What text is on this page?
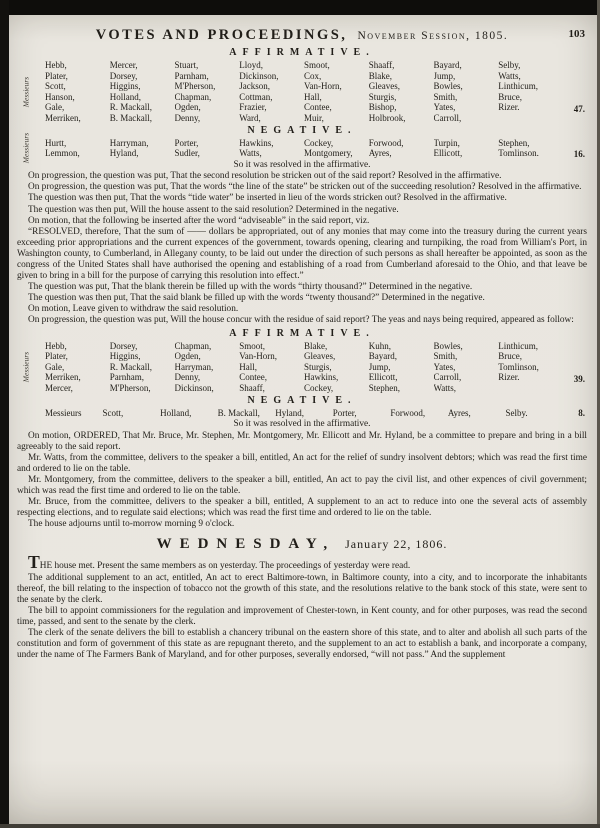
VOTES AND PROCEEDINGS, November Session, 1805.	103
AFFIRMATIVE.
Messieurs
Hebb,	Mercer,	Stuart,	Lloyd,	Smoot,	Shaaff,	Bayard,	Selby,
Plater,	Dorsey,	Parnham,	Dickinson,	Cox,	Blake,	Jump,	Watts,
Scott,	Higgins,	M'Pherson,	Jackson,	Van-Horn,	Gleaves,	Bowles,	Linthicum,
Hanson,	Holland,	Chapman,	Cottman,	Hall,	Sturgis,	Smith,	Bruce,
Gale,	R. Mackall,	Ogden,	Frazier,	Contee,	Bishop,	Yates,	Rizer.
Merriken,	B. Mackall,	Denny,	Ward,	Muir,	Holbrook,	Carroll,
47.
NEGATIVE.
Messieurs Hurtt,	Harryman,	Porter,	Hawkins,	Cockey,	Forwood,	Turpin,	Stephen,
Lemmon,	Hyland,	Sudler,	Watts,	Montgomery,	Ayres,	Ellicott,	Tomlinson.	16.
So it was resolved in the affirmative.

On progression, the question was put, That the second resolution be stricken out of the said report? Resolved in the affirmative.

On progression, the question was put, That the words “the line of the state” be stricken out of the succeeding resolution? Resolved in the affirmative.

The question was then put, That the words “tide water” be inserted in lieu of the words stricken out? Resolved in the affirmative.

The question was then put, Will the house assent to the said resolution? Determined in the negative.

On motion, that the following be inserted after the word “adviseable” in the said report, viz.

“RESOLVED, therefore, That the sum of —— dollars be appropriated, out of any monies that may come into the treasury during the current years exceeding prior appropriations and the current expences of the government, towards opening, clearing and turnpiking, the road from William's Port, in Washington county, to Cumberland, in Allegany county, to be laid out under the direction of such persons as shall hereafter be appointed, as soon as the congress of the United States shall have authorised the opening and establishing of a road from Cumberland aforesaid to the Ohio, and that leave be given to bring in a bill for the purpose of carrying this resolution into effect.”

The question was put, That the blank therein be filled up with the words “thirty thousand?” Determined in the negative.

The question was then put, That the said blank be filled up with the words “twenty thousand?” Determined in the negative.

On motion, Leave given to withdraw the said resolution.

On progression, the question was put, Will the house concur with the residue of said report? The yeas and nays being required, appeared as follow:

AFFIRMATIVE.
Messieurs
Hebb,	Dorsey,	Chapman,	Smoot,	Blake,	Kuhn,	Bowles,	Linthicum,
Plater,	Higgins,	Ogden,	Van-Horn,	Gleaves,	Bayard,	Smith,	Bruce,
Gale,	R. Mackall,	Harryman,	Hall,	Sturgis,	Jump,	Yates,	Tomlinson,
Merriken,	Parnham,	Denny,	Contee,	Hawkins,	Ellicott,	Carroll,	Rizer.
Mercer,	M'Pherson,	Dickinson,	Shaaff,	Cockey,	Stephen,	Watts,
39.
NEGATIVE.
Messieurs	Scott,	Holland,	B. Mackall,	Hyland,	Porter,	Forwood,	Ayres,	Selby.	8.
So it was resolved in the affirmative.

On motion, ORDERED, That Mr. Bruce, Mr. Stephen, Mr. Montgomery, Mr. Ellicott and Mr. Hyland, be a committee to prepare and bring in a bill agreeably to the said report.

Mr. Watts, from the committee, delivers to the speaker a bill, entitled, An act for the relief of sundry insolvent debtors; which was read the first time and ordered to lie on the table.

Mr. Montgomery, from the committee, delivers to the speaker a bill, entitled, An act to pay the civil list, and other expences of civil government; which was read the first time and ordered to lie on the table.

Mr. Bruce, from the committee, delivers to the speaker a bill, entitled, A supplement to an act to reduce into one the several acts of assembly respecting elections, and to regulate said elections; which was read the first time and ordered to lie on the table.

The house adjourns until to-morrow morning 9 o'clock.

WEDNESDAY, January 22, 1806.

THE house met. Present the same members as on yesterday. The proceedings of yesterday were read.

The additional supplement to an act, entitled, An act to erect Baltimore-town, in Baltimore county, into a city, and to incorporate the inhabitants thereof, the bill relating to the inspection of tobacco not the growth of this state, and the resolutions relative to the bank stock of this state, were sent to the senate by the clerk.

The bill to appoint commissioners for the regulation and improvement of Chester-town, in Kent county, and for other purposes, was read the second time, passed, and sent to the senate by the clerk.

The clerk of the senate delivers the bill to establish a chancery tribunal on the eastern shore of this state, and to alter and abolish all such parts of the constitution and form of government of this state as are repugnant thereto, and the supplement to an act to establish a bank, and incorporate a company, under the name of The Farmers Bank of Maryland, and for other purposes, severally endorsed, “will not pass.” And the supplement
